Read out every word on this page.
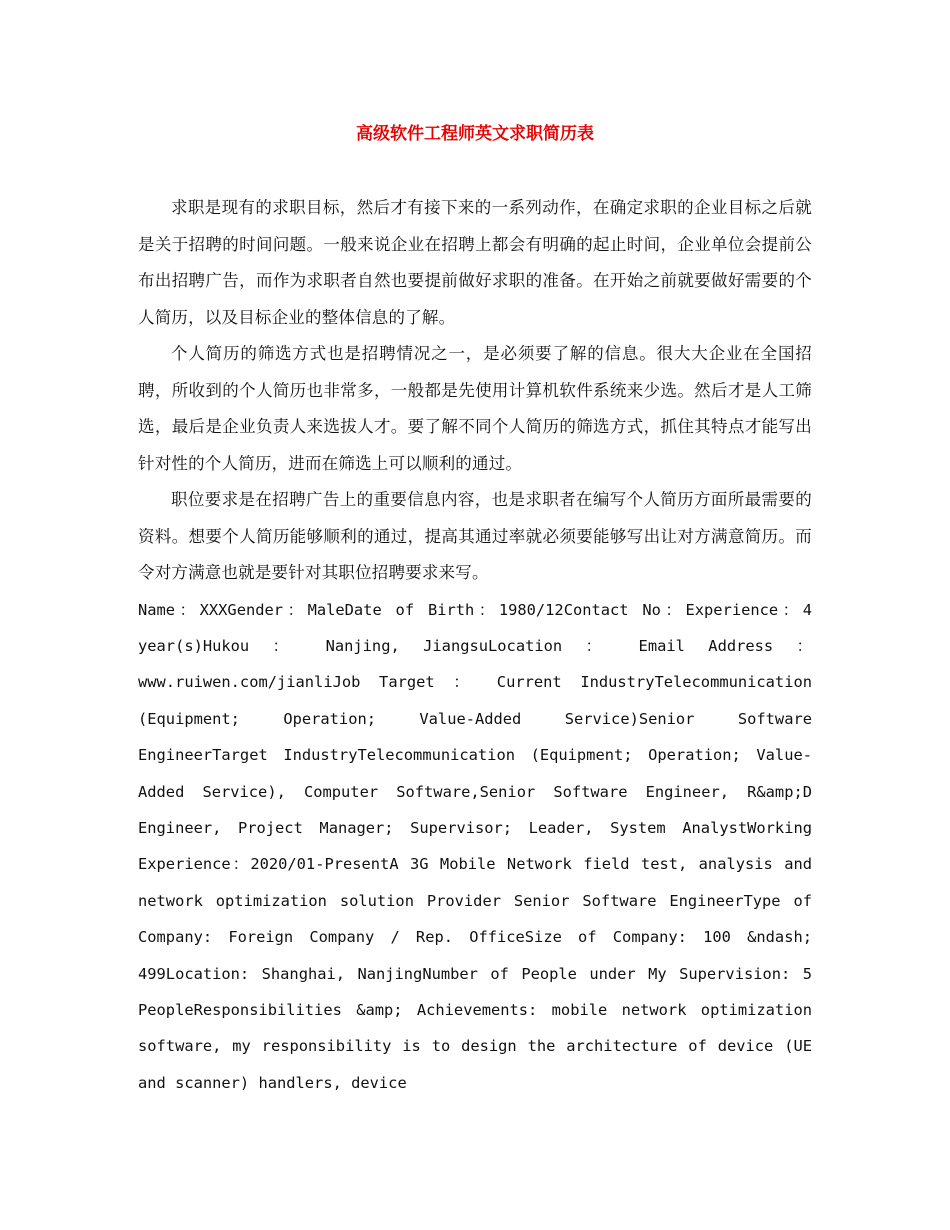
高级软件工程师英文求职简历表

求职是现有的求职目标，然后才有接下来的一系列动作，在确定求职的企业目标之后就是关于招聘的时间问题。一般来说企业在招聘上都会有明确的起止时间，企业单位会提前公布出招聘广告，而作为求职者自然也要提前做好求职的准备。在开始之前就要做好需要的个人简历，以及目标企业的整体信息的了解。

个人简历的筛选方式也是招聘情况之一，是必须要了解的信息。很大大企业在全国招聘，所收到的个人简历也非常多，一般都是先使用计算机软件系统来少选。然后才是人工筛选，最后是企业负责人来选拔人才。要了解不同个人简历的筛选方式，抓住其特点才能写出针对性的个人简历，进而在筛选上可以顺利的通过。

职位要求是在招聘广告上的重要信息内容，也是求职者在编写个人简历方面所最需要的资料。想要个人简历能够顺利的通过，提高其通过率就必须要能够写出让对方满意简历。而令对方满意也就是要针对其职位招聘要求来写。

Name：XXXGender：MaleDate of Birth：1980/12Contact No：Experience：4 year(s)Hukou ： Nanjing, JiangsuLocation ： Email Address ： www.ruiwen.com/jianliJob Target ： Current IndustryTelecommunication (Equipment; Operation; Value-Added Service)Senior Software EngineerTarget IndustryTelecommunication (Equipment; Operation; Value-Added Service), Computer Software,Senior Software Engineer, R&amp;D Engineer, Project Manager; Supervisor; Leader, System AnalystWorking Experience：2020/01-PresentA 3G Mobile Network field test, analysis and network optimization solution Provider Senior Software EngineerType of Company: Foreign Company / Rep. OfficeSize of Company: 100 &ndash; 499Location: Shanghai, NanjingNumber of People under My Supervision: 5 PeopleResponsibilities &amp; Achievements: mobile network optimization software, my responsibility is to design the architecture of device (UE and scanner) handlers, device
